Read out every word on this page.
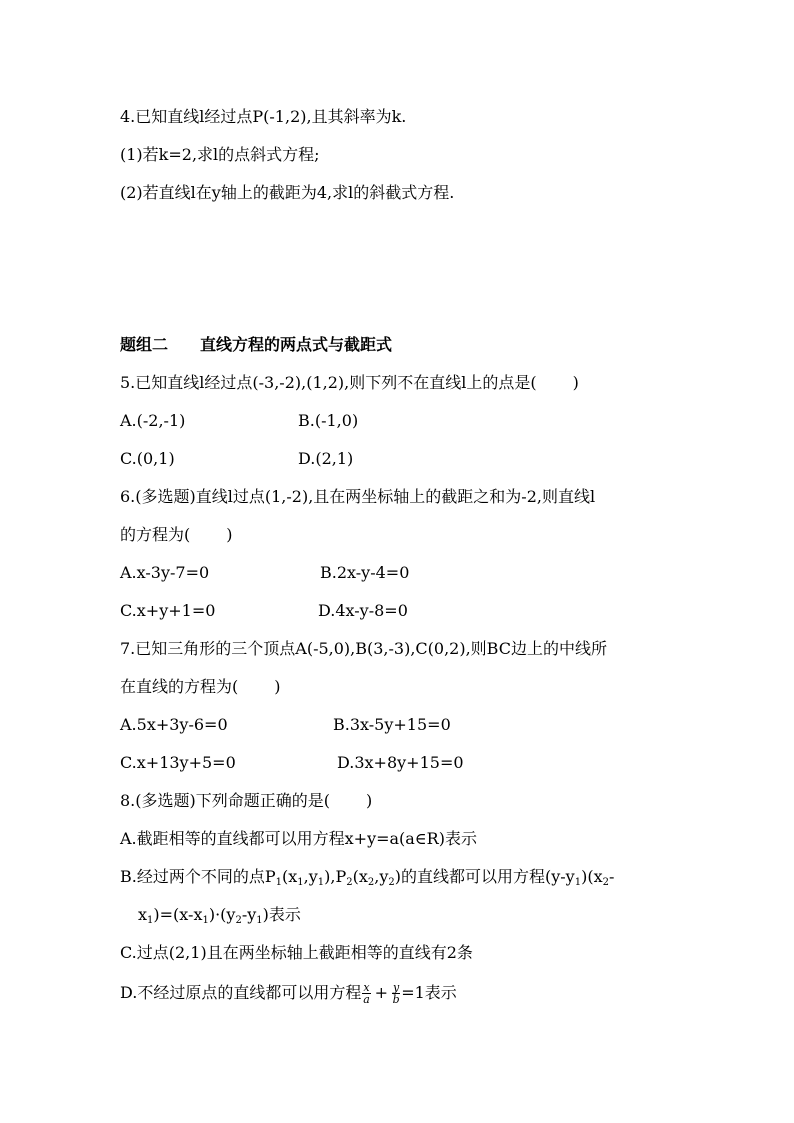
4.已知直线l经过点P(-1,2),且其斜率为k.
(1)若k=2,求l的点斜式方程;
(2)若直线l在y轴上的截距为4,求l的斜截式方程.
题组二 直线方程的两点式与截距式
5.已知直线l经过点(-3,-2),(1,2),则下列不在直线l上的点是( )
A.(-2,-1)	B.(-1,0)
C.(0,1)	D.(2,1)
6.(多选题)直线l过点(1,-2),且在两坐标轴上的截距之和为-2,则直线l
的方程为( )
A.x-3y-7=0	B.2x-y-4=0
C.x+y+1=0	D.4x-y-8=0
7.已知三角形的三个顶点A(-5,0),B(3,-3),C(0,2),则BC边上的中线所
在直线的方程为( )
A.5x+3y-6=0	B.3x-5y+15=0
C.x+13y+5=0	D.3x+8y+15=0
8.(多选题)下列命题正确的是( )
A.截距相等的直线都可以用方程x+y=a(a∈R)表示
B.经过两个不同的点$P_1(x_1,y_1),P_2(x_2,y_2)$的直线都可以用方程$(y-y_1)(x_2-$
$x_1)=(x-x_1)\cdot(y_2-y_1)$表示
C.过点(2,1)且在两坐标轴上截距相等的直线有2条
D.不经过原点的直线都可以用方程 $\frac{x}{a} + \frac{y}{b} =1$表示
